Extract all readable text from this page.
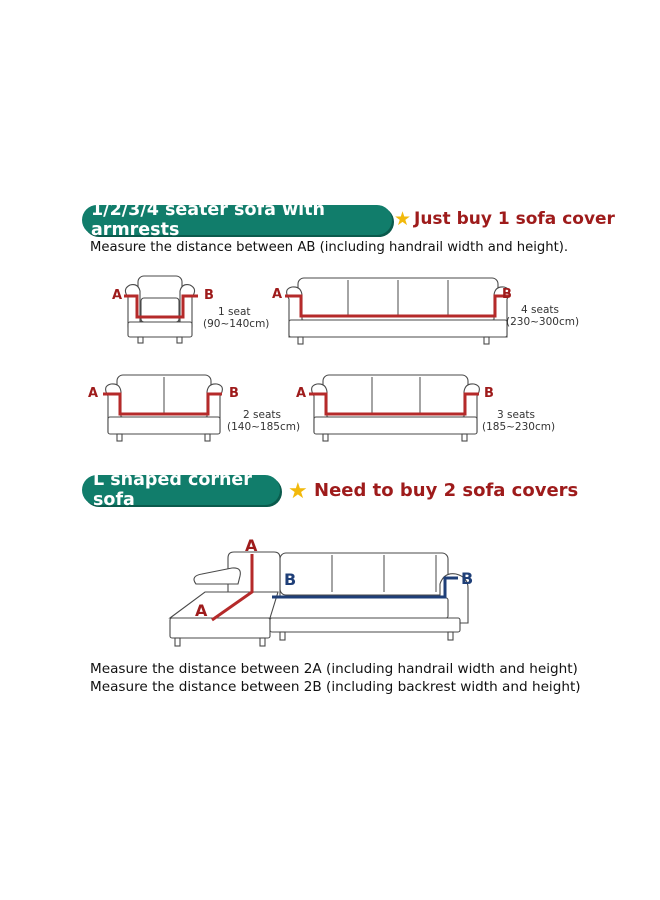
1/2/3/4 seater sofa with armrests	★ Just buy 1 sofa cover
Measure the distance between AB (including handrail width and height).
A	B
1 seat
(90~140cm)
A	B
4 seats
(230~300cm)
A	B
2 seats
(140~185cm)
A	B
3 seats
(185~230cm)
A
A
B	B
L shaped corner sofa	★ Need to buy 2 sofa covers
Measure the distance between 2A (including handrail width and height)
Measure the distance between 2B (including backrest width and height)
